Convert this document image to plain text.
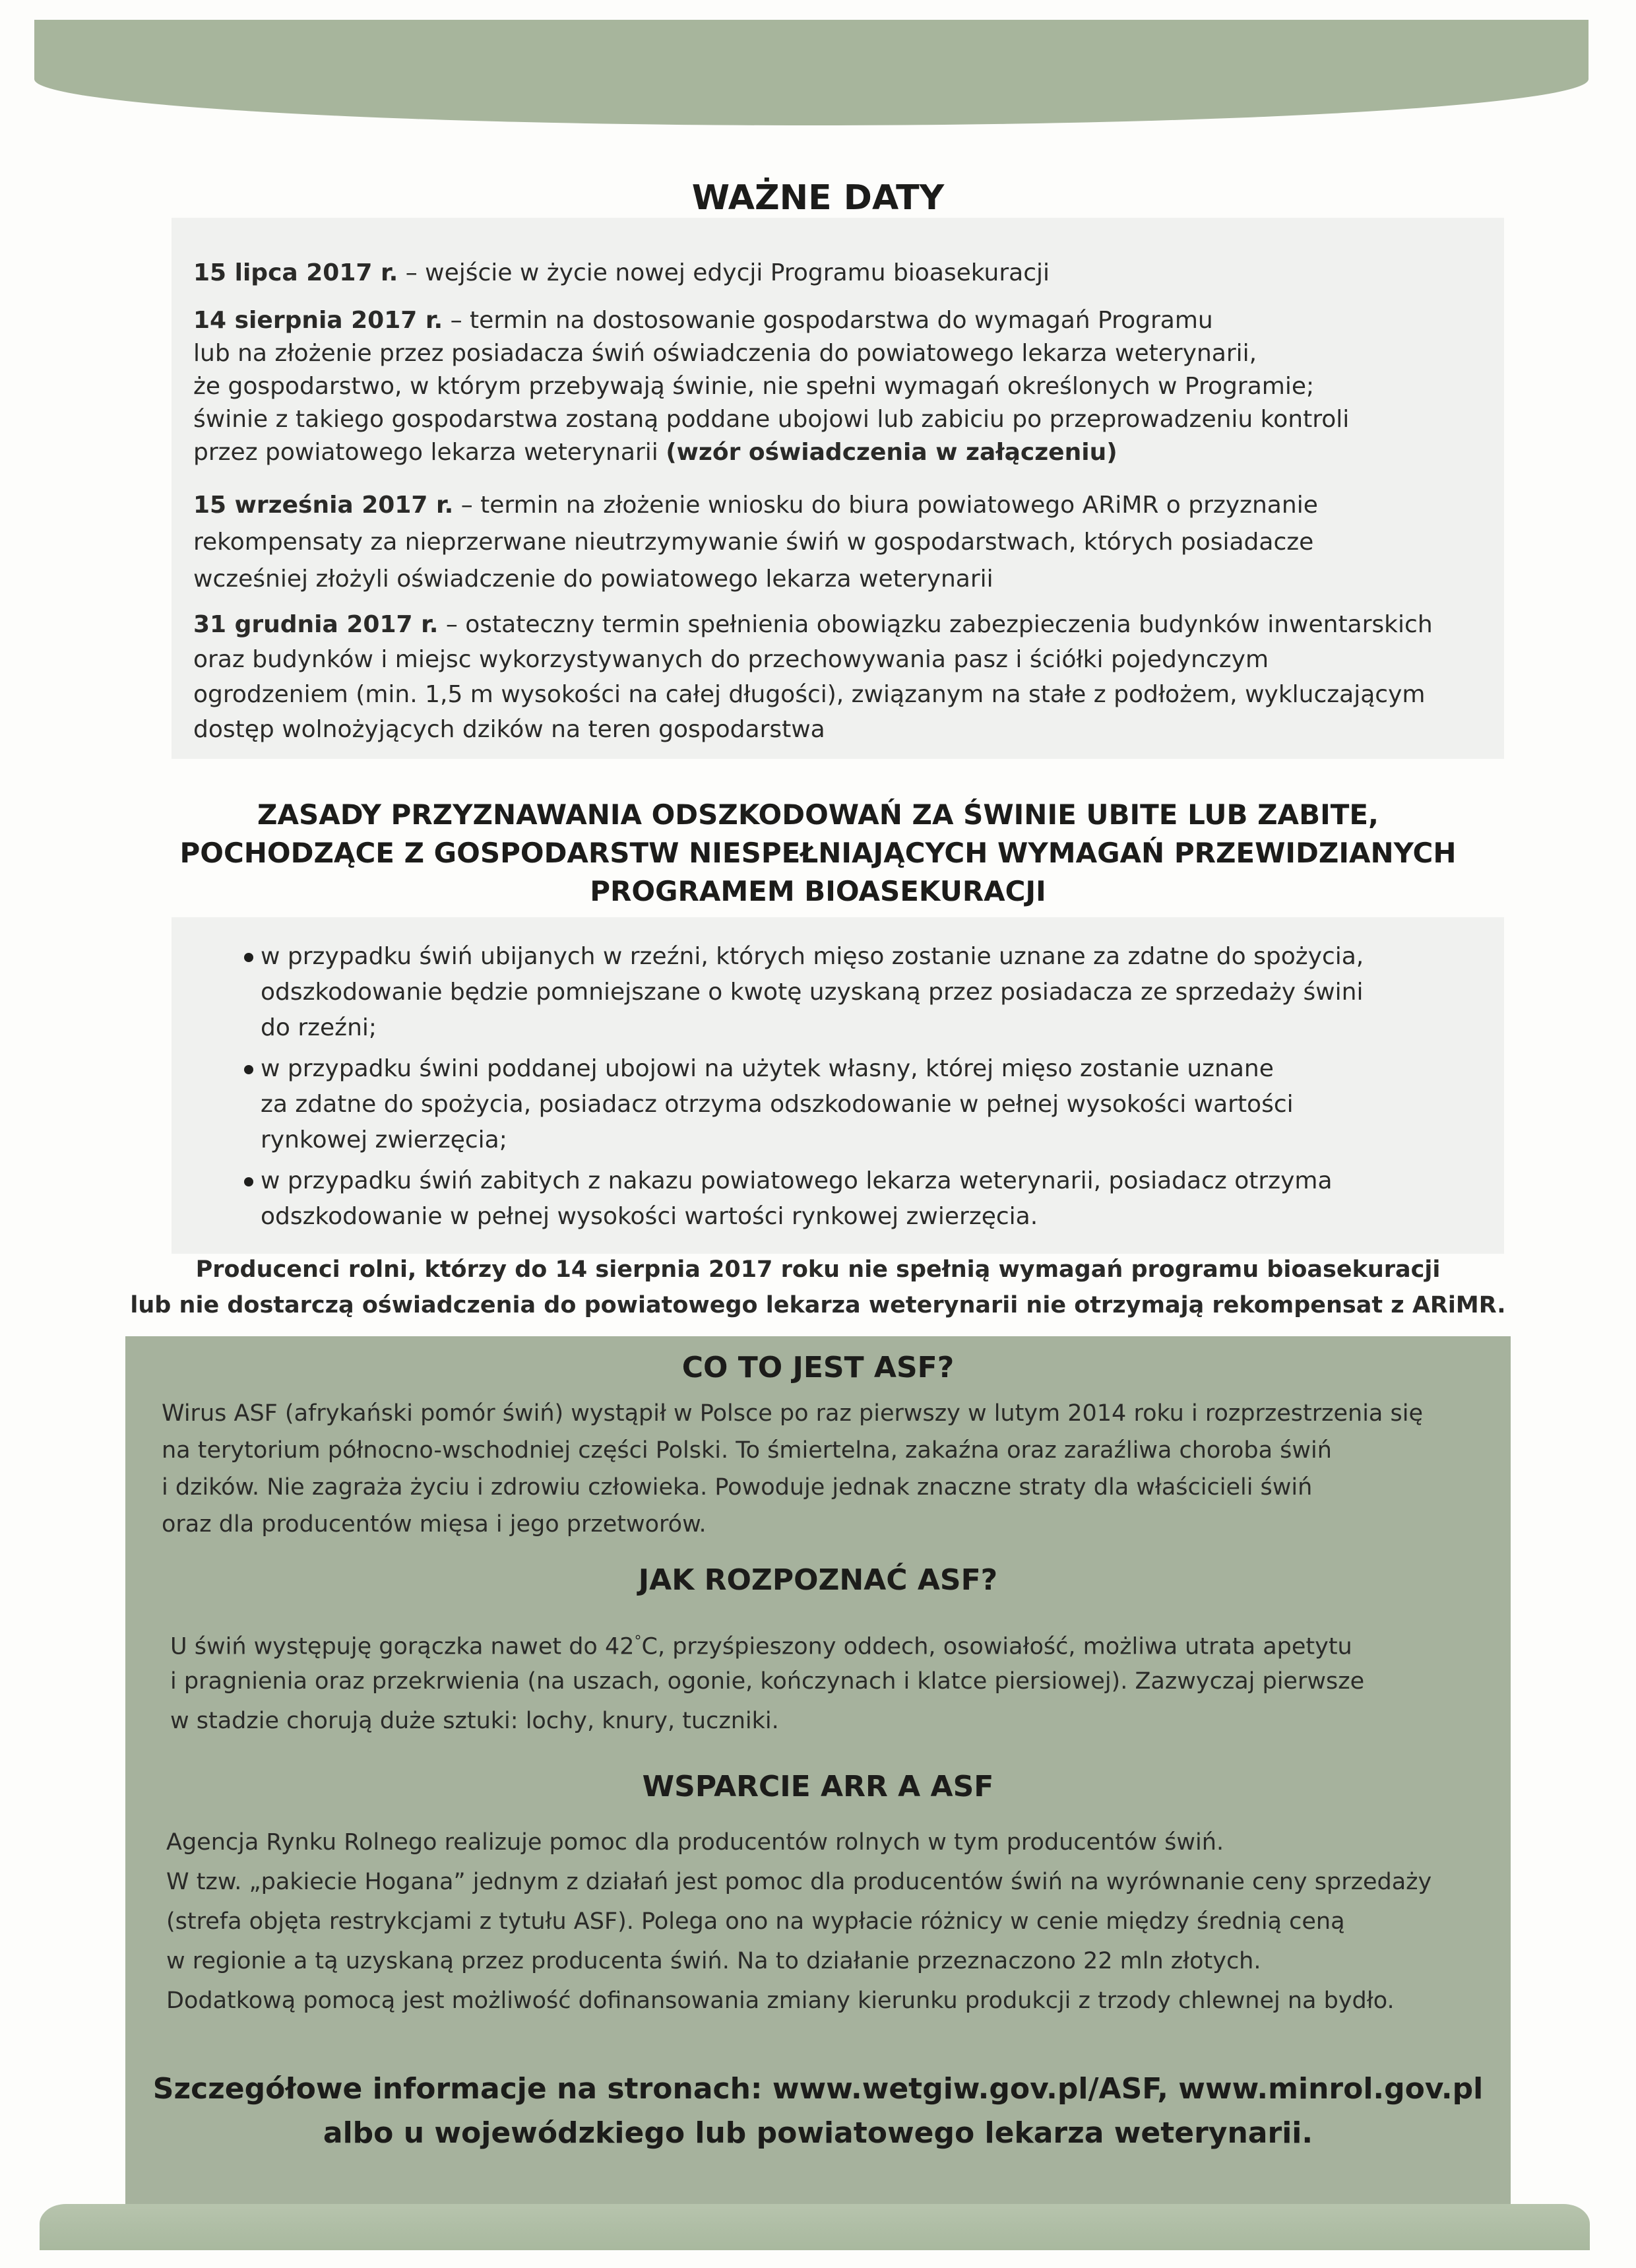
WAŻNE DATY
15 lipca 2017 r. – wejście w życie nowej edycji Programu bioasekuracji
14 sierpnia 2017 r. – termin na dostosowanie gospodarstwa do wymagań Programu
lub na złożenie przez posiadacza świń oświadczenia do powiatowego lekarza weterynarii,
że gospodarstwo, w którym przebywają świnie, nie spełni wymagań określonych w Programie;
świnie z takiego gospodarstwa zostaną poddane ubojowi lub zabiciu po przeprowadzeniu kontroli
przez powiatowego lekarza weterynarii (wzór oświadczenia w załączeniu)
15 września 2017 r. – termin na złożenie wniosku do biura powiatowego ARiMR o przyznanie
rekompensaty za nieprzerwane nieutrzymywanie świń w gospodarstwach, których posiadacze
wcześniej złożyli oświadczenie do powiatowego lekarza weterynarii
31 grudnia 2017 r. – ostateczny termin spełnienia obowiązku zabezpieczenia budynków inwentarskich
oraz budynków i miejsc wykorzystywanych do przechowywania pasz i ściółki pojedynczym
ogrodzeniem (min. 1,5 m wysokości na całej długości), związanym na stałe z podłożem, wykluczającym
dostęp wolnożyjących dzików na teren gospodarstwa
ZASADY PRZYZNAWANIA ODSZKODOWAŃ ZA ŚWINIE UBITE LUB ZABITE,
POCHODZĄCE Z GOSPODARSTW NIESPEŁNIAJĄCYCH WYMAGAŃ PRZEWIDZIANYCH
PROGRAMEM BIOASEKURACJI
w przypadku świń ubijanych w rzeźni, których mięso zostanie uznane za zdatne do spożycia,
odszkodowanie będzie pomniejszane o kwotę uzyskaną przez posiadacza ze sprzedaży świni
do rzeźni;
w przypadku świni poddanej ubojowi na użytek własny, której mięso zostanie uznane
za zdatne do spożycia, posiadacz otrzyma odszkodowanie w pełnej wysokości wartości
rynkowej zwierzęcia;
w przypadku świń zabitych z nakazu powiatowego lekarza weterynarii, posiadacz otrzyma
odszkodowanie w pełnej wysokości wartości rynkowej zwierzęcia.
Producenci rolni, którzy do 14 sierpnia 2017 roku nie spełnią wymagań programu bioasekuracji
lub nie dostarczą oświadczenia do powiatowego lekarza weterynarii nie otrzymają rekompensat z ARiMR.
CO TO JEST ASF?
Wirus ASF (afrykański pomór świń) wystąpił w Polsce po raz pierwszy w lutym 2014 roku i rozprzestrzenia się
na terytorium północno-wschodniej części Polski. To śmiertelna, zakaźna oraz zaraźliwa choroba świń
i dzików. Nie zagraża życiu i zdrowiu człowieka. Powoduje jednak znaczne straty dla właścicieli świń
oraz dla producentów mięsa i jego przetworów.
JAK ROZPOZNAĆ ASF?
U świń występuję gorączka nawet do 42°C, przyśpieszony oddech, osowiałość, możliwa utrata apetytu
i pragnienia oraz przekrwienia (na uszach, ogonie, kończynach i klatce piersiowej). Zazwyczaj pierwsze
w stadzie chorują duże sztuki: lochy, knury, tuczniki.
WSPARCIE ARR A ASF
Agencja Rynku Rolnego realizuje pomoc dla producentów rolnych w tym producentów świń.
W tzw. „pakiecie Hogana” jednym z działań jest pomoc dla producentów świń na wyrównanie ceny sprzedaży
(strefa objęta restrykcjami z tytułu ASF). Polega ono na wypłacie różnicy w cenie między średnią ceną
w regionie a tą uzyskaną przez producenta świń. Na to działanie przeznaczono 22 mln złotych.
Dodatkową pomocą jest możliwość dofinansowania zmiany kierunku produkcji z trzody chlewnej na bydło.
Szczegółowe informacje na stronach: www.wetgiw.gov.pl/ASF, www.minrol.gov.pl
albo u wojewódzkiego lub powiatowego lekarza weterynarii.
